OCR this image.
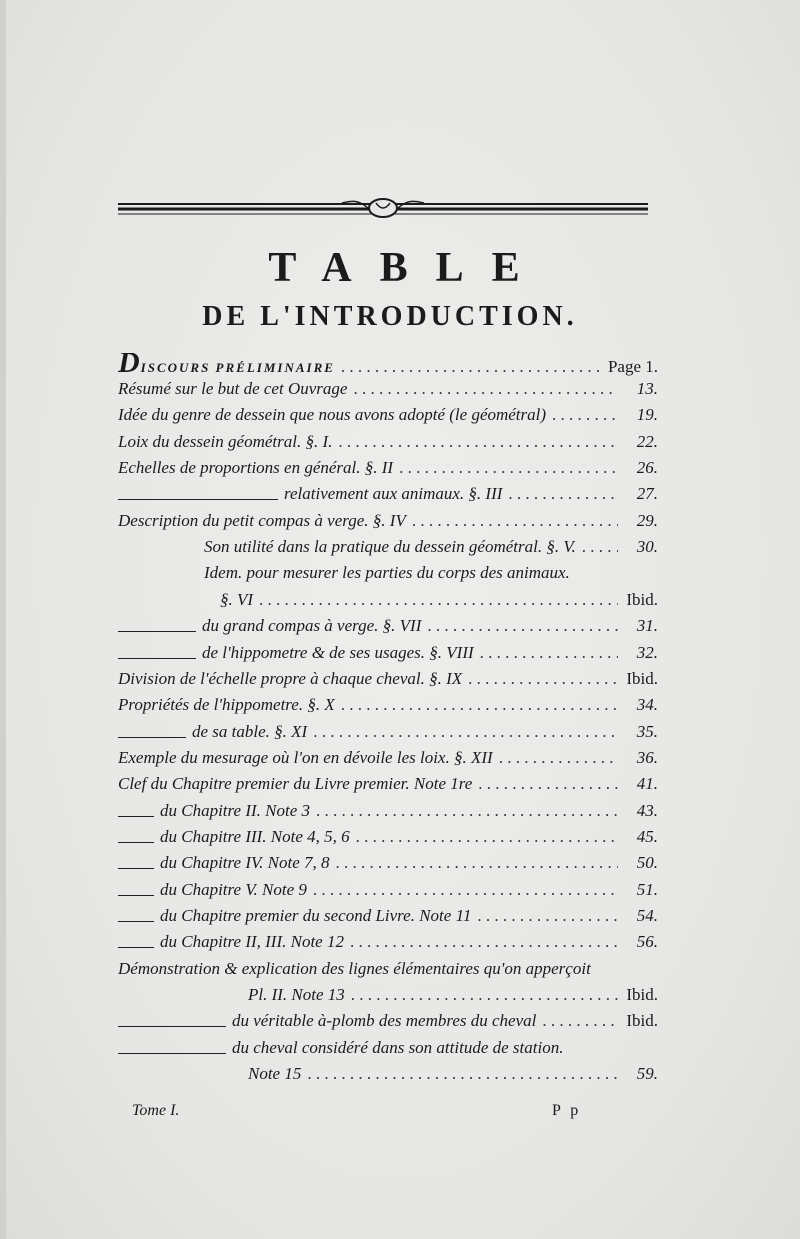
TABLE
DE L'INTRODUCTION.
DISCOURS PRÉLIMINAIRE . . .	Page 1.
Résumé sur le but de cet Ouvrage . . .	13.
Idée du genre de dessein que nous avons adopté (le géométral) . . .	19.
Loix du dessein géométral. §. I. . . .	22.
Echelles de proportions en général. §. II . . .	26.
relativement aux animaux. §. III . . .	27.
Description du petit compas à verge. §. IV . . .	29.
Son utilité dans la pratique du dessein géométral. §. V. . . .	30.
Idem. pour mesurer les parties du corps des animaux.
§. VI . . .	Ibid.
du grand compas à verge. §. VII . . .	31.
de l'hippometre & de ses usages. §. VIII . . .	32.
Division de l'échelle propre à chaque cheval. §. IX . . .	Ibid.
Propriétés de l'hippometre. §. X . . .	34.
de sa table. §. XI . . .	35.
Exemple du mesurage où l'on en dévoile les loix. §. XII . . .	36.
Clef du Chapitre premier du Livre premier. Note 1re . . .	41.
du Chapitre II. Note 3 . . .	43.
du Chapitre III. Note 4, 5, 6 . . .	45.
du Chapitre IV. Note 7, 8 . . .	50.
du Chapitre V. Note 9 . . .	51.
du Chapitre premier du second Livre. Note 11 . . .	54.
du Chapitre II, III. Note 12 . . .	56.
Démonstration & explication des lignes élémentaires qu'on apperçoit
Pl. II. Note 13 . . .	Ibid.
du véritable à-plomb des membres du cheval . . .	Ibid.
du cheval considéré dans son attitude de station.
Note 15 . . .	59.
Tome I.	P p
